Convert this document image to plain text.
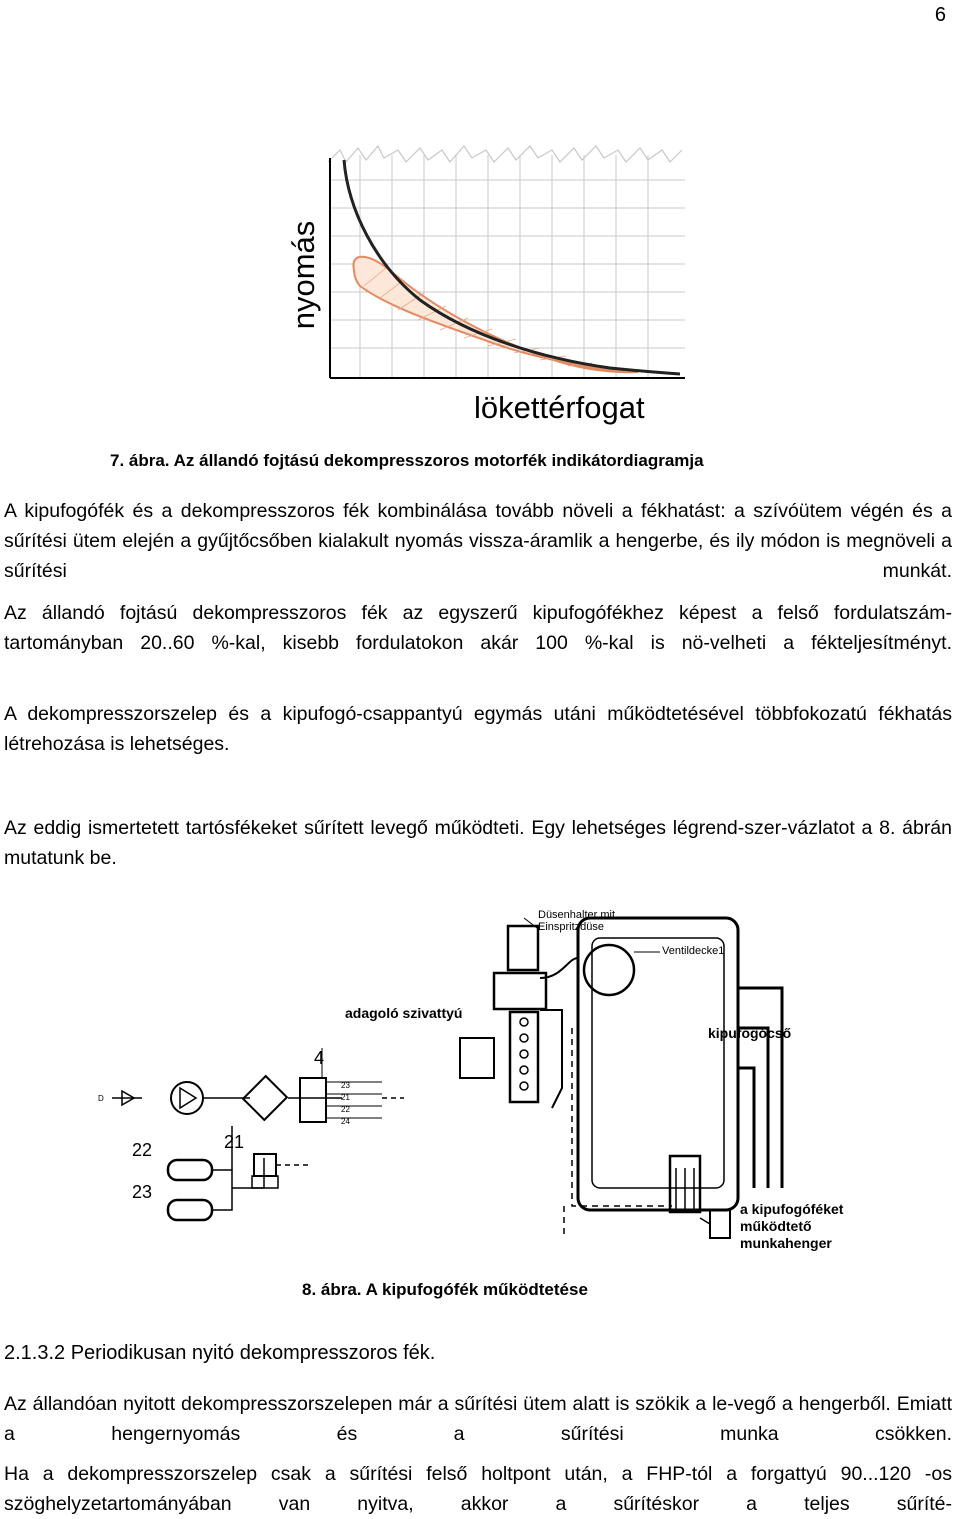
6
nyomás
lökettérfogat
7. ábra. Az állandó fojtású dekompresszoros motorfék indikátordiagramja
A kipufogófék és a dekompresszoros fék kombinálása tovább növeli a fékhatást: a szívóütem végén és a sűrítési ütem elején a gyűjtőcsőben kialakult nyomás vissza-áramlik a hengerbe, és ily módon is megnöveli a sűrítési munkát.
Az állandó fojtású dekompresszoros fék az egyszerű kipufogófékhez képest a felső fordulatszám-tartományban 20..60 %-kal, kisebb fordulatokon akár 100 %-kal is nö-velheti a fékteljesítményt.
A dekompresszorszelep és a kipufogó-csappantyú egymás utáni működtetésével többfokozatú fékhatás létrehozása is lehetséges.
Az eddig ismertetett tartósfékeket sűrített levegő működteti. Egy lehetséges légrend-szer-vázlatot a 8. ábrán mutatunk be.
Düsenhalter mit
Einspritzdüse
Ventildecke1
adagoló szivattyú
kipufogócső
a kipufogóféket
működtető
munkahenger
4
21
22
23
23
21
22
24
D
8. ábra. A kipufogófék működtetése
2.1.3.2 Periodikusan nyitó dekompresszoros fék.
Az állandóan nyitott dekompresszorszelepen már a sűrítési ütem alatt is szökik a le-vegő a hengerből. Emiatt a hengernyomás és a sűrítési munka csökken.
Ha a dekompresszorszelep csak a sűrítési felső holtpont után, a FHP-tól a forgattyú 90...120 -os szöghelyzetartományában van nyitva, akkor a sűrítéskor a teljes sűríté-
